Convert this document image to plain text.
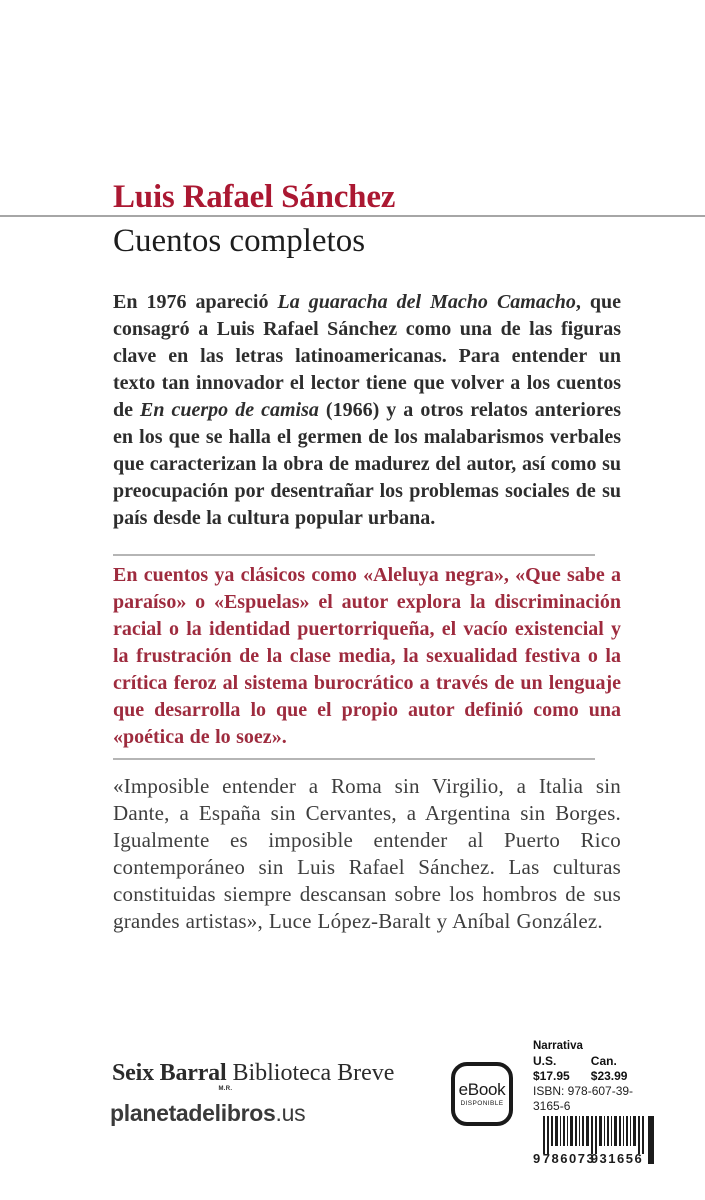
Luis Rafael Sánchez
Cuentos completos
En 1976 apareció La guaracha del Macho Camacho, que consagró a Luis Rafael Sánchez como una de las figuras clave en las letras latinoamericanas. Para entender un texto tan innovador el lector tiene que volver a los cuentos de En cuerpo de camisa (1966) y a otros relatos anteriores en los que se halla el germen de los malabarismos verbales que caracterizan la obra de madurez del autor, así como su preocupación por desentrañar los problemas sociales de su país desde la cultura popular urbana.
En cuentos ya clásicos como «Aleluya negra», «Que sabe a paraíso» o «Espuelas» el autor explora la discriminación racial o la identidad puertorriqueña, el vacío existencial y la frustración de la clase media, la sexualidad festiva o la crítica feroz al sistema burocrático a través de un lenguaje que desarrolla lo que el propio autor definió como una «poética de lo soez».
«Imposible entender a Roma sin Virgilio, a Italia sin Dante, a España sin Cervantes, a Argentina sin Borges. Igualmente es imposible entender al Puerto Rico contemporáneo sin Luis Rafael Sánchez. Las culturas constituidas siempre descansan sobre los hombros de sus grandes artistas», Luce López-Baralt y Aníbal González.
Seix BarralM.R. Biblioteca Breve
planetadelibros.us
eBook
DISPONIBLE
Narrativa
U.S. $17.95
Can. $23.99
ISBN: 978-607-39-3165-6
9 786073
931656
